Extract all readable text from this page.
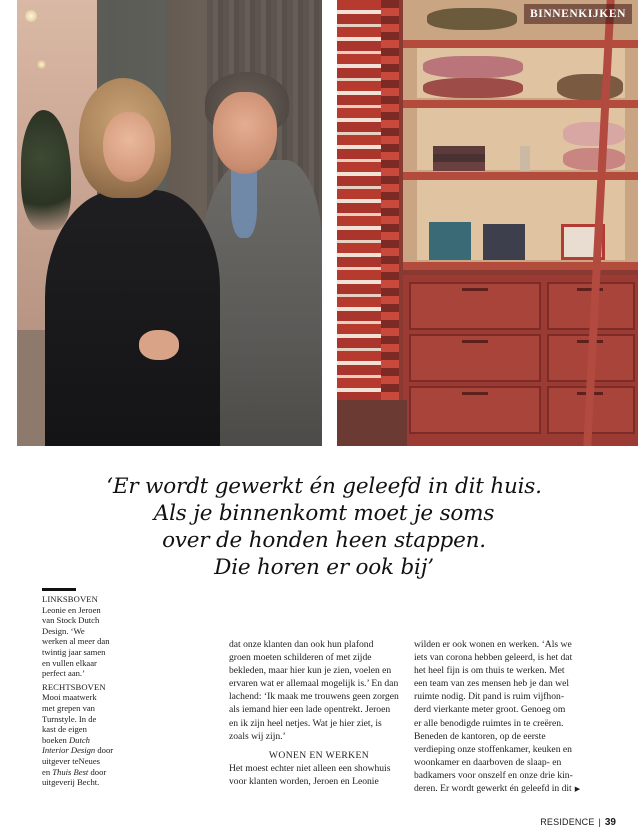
BINNENKIJKEN
‘Er wordt gewerkt én geleefd in dit huis.
Als je binnenkomt moet je soms
over de honden heen stappen.
Die horen er ook bij’
LINKSBOVEN
Leonie en Jeroen
van Stock Dutch
Design. ‘We
werken al meer dan
twintig jaar samen
en vullen elkaar
perfect aan.’
RECHTSBOVEN
Mooi maatwerk
met grepen van
Turnstyle. In de
kast de eigen
boeken Dutch
Interior Design door
uitgever teNeues
en Thuis Best door
uitgeverij Becht.
dat onze klanten dan ook hun plafond
groen moeten schilderen of met zijde
bekleden, maar hier kun je zien, voelen en
ervaren wat er allemaal mogelijk is.’ En dan
lachend: ‘Ik maak me trouwens geen zorgen
als iemand hier een lade opentrekt. Jeroen
en ik zijn heel netjes. Wat je hier ziet, is
zoals wij zijn.’
WONEN EN WERKEN
Het moest echter niet alleen een showhuis
voor klanten worden, Jeroen en Leonie
wilden er ook wonen en werken. ‘Als we
iets van corona hebben geleerd, is het dat
het heel fijn is om thuis te werken. Met
een team van zes mensen heb je dan wel
ruimte nodig. Dit pand is ruim vijfhon-
derd vierkante meter groot. Genoeg om
er alle benodigde ruimtes in te creëren.
Beneden de kantoren, op de eerste
verdieping onze stoffenkamer, keuken en
woonkamer en daarboven de slaap- en
badkamers voor onszelf en onze drie kin-
deren. Er wordt gewerkt én geleefd in dit ▶
RESIDENCE | 39
